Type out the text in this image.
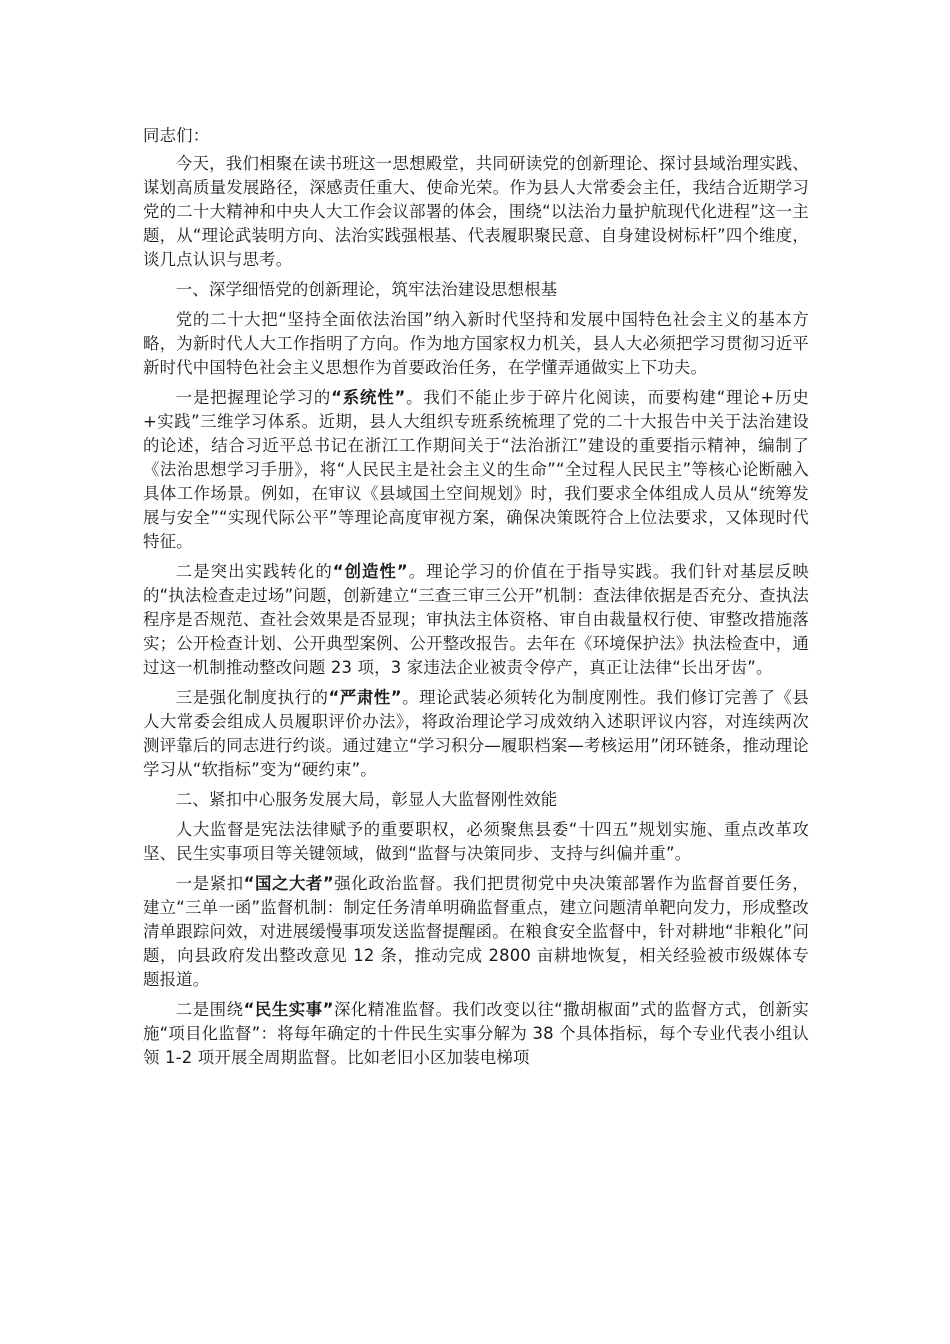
同志们：

今天，我们相聚在读书班这一思想殿堂，共同研读党的创新理论、探讨县域治理实践、谋划高质量发展路径，深感责任重大、使命光荣。作为县人大常委会主任，我结合近期学习党的二十大精神和中央人大工作会议部署的体会，围绕“以法治力量护航现代化进程”这一主题，从“理论武装明方向、法治实践强根基、代表履职聚民意、自身建设树标杆”四个维度，谈几点认识与思考。

一、深学细悟党的创新理论，筑牢法治建设思想根基

党的二十大把“坚持全面依法治国”纳入新时代坚持和发展中国特色社会主义的基本方略，为新时代人大工作指明了方向。作为地方国家权力机关，县人大必须把学习贯彻习近平新时代中国特色社会主义思想作为首要政治任务，在学懂弄通做实上下功夫。

一是把握理论学习的“系统性”。我们不能止步于碎片化阅读，而要构建“理论+历史+实践”三维学习体系。近期，县人大组织专班系统梳理了党的二十大报告中关于法治建设的论述，结合习近平总书记在浙江工作期间关于“法治浙江”建设的重要指示精神，编制了《法治思想学习手册》，将“人民民主是社会主义的生命”“全过程人民民主”等核心论断融入具体工作场景。例如，在审议《县域国土空间规划》时，我们要求全体组成人员从“统筹发展与安全”“实现代际公平”等理论高度审视方案，确保决策既符合上位法要求，又体现时代特征。

二是突出实践转化的“创造性”。理论学习的价值在于指导实践。我们针对基层反映的“执法检查走过场”问题，创新建立“三查三审三公开”机制：查法律依据是否充分、查执法程序是否规范、查社会效果是否显现；审执法主体资格、审自由裁量权行使、审整改措施落实；公开检查计划、公开典型案例、公开整改报告。去年在《环境保护法》执法检查中，通过这一机制推动整改问题 23 项，3 家违法企业被责令停产，真正让法律“长出牙齿”。

三是强化制度执行的“严肃性”。理论武装必须转化为制度刚性。我们修订完善了《县人大常委会组成人员履职评价办法》，将政治理论学习成效纳入述职评议内容，对连续两次测评靠后的同志进行约谈。通过建立“学习积分—履职档案—考核运用”闭环链条，推动理论学习从“软指标”变为“硬约束”。

二、紧扣中心服务发展大局，彰显人大监督刚性效能

人大监督是宪法法律赋予的重要职权，必须聚焦县委“十四五”规划实施、重点改革攻坚、民生实事项目等关键领域，做到“监督与决策同步、支持与纠偏并重”。

一是紧扣“国之大者”强化政治监督。我们把贯彻党中央决策部署作为监督首要任务，建立“三单一函”监督机制：制定任务清单明确监督重点，建立问题清单靶向发力，形成整改清单跟踪问效，对进展缓慢事项发送监督提醒函。在粮食安全监督中，针对耕地“非粮化”问题，向县政府发出整改意见 12 条，推动完成 2800 亩耕地恢复，相关经验被市级媒体专题报道。

二是围绕“民生实事”深化精准监督。我们改变以往“撒胡椒面”式的监督方式，创新实施“项目化监督”：将每年确定的十件民生实事分解为 38 个具体指标，每个专业代表小组认领 1-2 项开展全周期监督。比如老旧小区加装电梯项
